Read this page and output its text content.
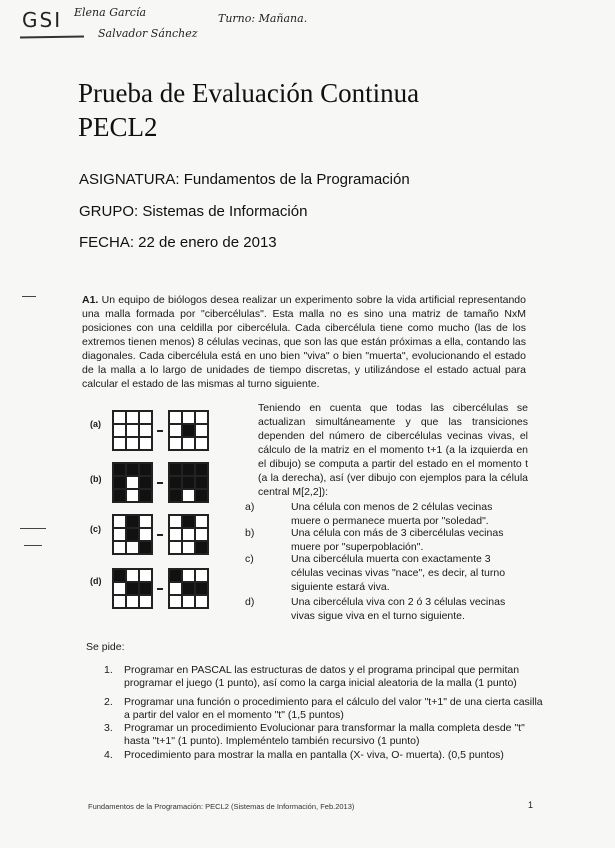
GSI Elena García
Salvador Sánchez
Turno: Mañana.
Prueba de Evaluación Continua
PECL2
ASIGNATURA: Fundamentos de la Programación
GRUPO: Sistemas de Información
FECHA: 22 de enero de 2013
A1. Un equipo de biólogos desea realizar un experimento sobre la vida artificial representando una malla formada por "cibercélulas". Esta malla no es sino una matriz de tamaño NxM posiciones con una celdilla por cibercélula. Cada cibercélula tiene como mucho (las de los extremos tienen menos) 8 células vecinas, que son las que están próximas a ella, contando las diagonales. Cada cibercélula está en uno bien "viva" o bien "muerta", evolucionando el estado de la malla a lo largo de unidades de tiempo discretas, y utilizándose el estado actual para calcular el estado de las mismas al turno siguiente.
(a)
(b)
(c)
(d)
Teniendo en cuenta que todas las cibercélulas se actualizan simultáneamente y que las transiciones dependen del número de cibercélulas vecinas vivas, el cálculo de la matriz en el momento t+1 (a la izquierda en el dibujo) se computa a partir del estado en el momento t (a la derecha), así (ver dibujo con ejemplos para la célula central M[2,2]):
a)	Una célula con menos de 2 células vecinas muere o permanece muerta por "soledad".
b)	Una célula con más de 3 cibercélulas vecinas muere por "superpoblación".
c)	Una cibercélula muerta con exactamente 3 células vecinas vivas "nace", es decir, al turno siguiente estará viva.
d)	Una cibercélula viva con 2 ó 3 células vecinas vivas sigue viva en el turno siguiente.
Se pide:
1. Programar en PASCAL las estructuras de datos y el programa principal que permitan programar el juego (1 punto), así como la carga inicial aleatoria de la malla (1 punto)
2. Programar una función o procedimiento para el cálculo del valor "t+1" de una cierta casilla a partir del valor en el momento "t" (1,5 puntos)
3. Programar un procedimiento Evolucionar para transformar la malla completa desde "t" hasta "t+1" (1 punto). Impleméntelo también recursivo (1 punto)
4. Procedimiento para mostrar la malla en pantalla (X- viva, O- muerta). (0,5 puntos)
Fundamentos de la Programación: PECL2 (Sistemas de Información, Feb.2013)	1
